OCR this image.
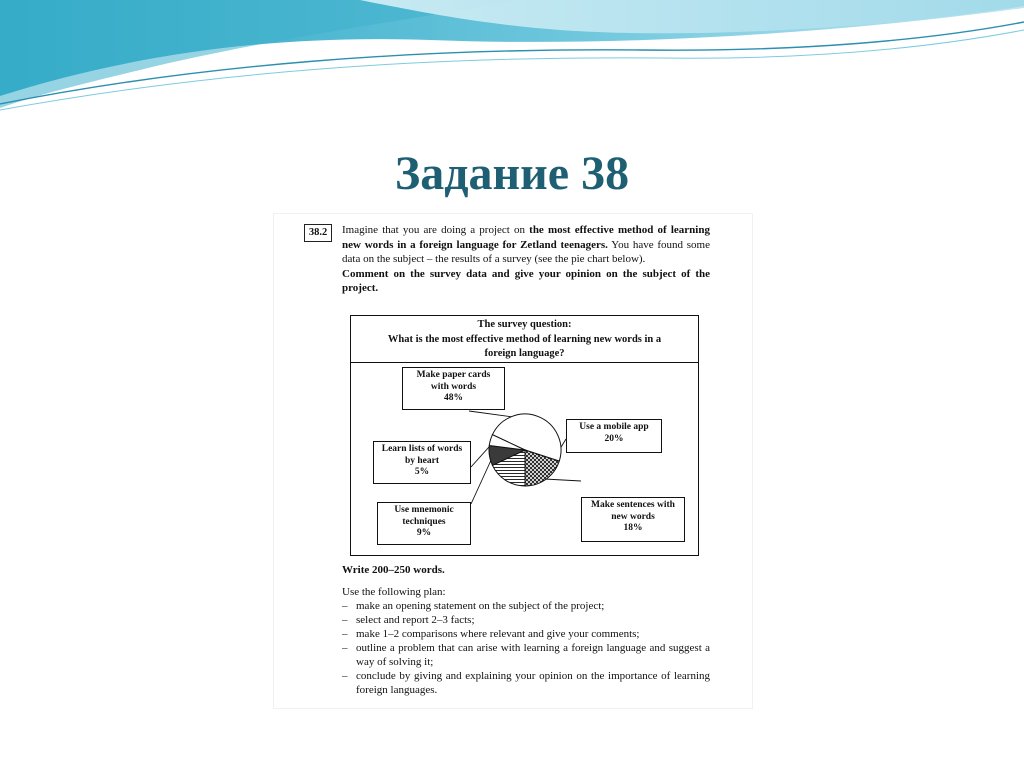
Задание 38
38.2	Imagine that you are doing a project on the most effective method of learning new words in a foreign language for Zetland teenagers. You have found some data on the subject – the results of a survey (see the pie chart below).
Comment on the survey data and give your opinion on the subject of the project.

The survey question:
What is the most effective method of learning new words in a
foreign language?
Make paper cards
with words
48%
Use a mobile app
20%
Learn lists of words
by heart
5%
Use mnemonic
techniques
9%
Make sentences with
new words
18%

Write 200–250 words.

Use the following plan:

– make an opening statement on the subject of the project;
– select and report 2–3 facts;
– make 1–2 comparisons where relevant and give your comments;
– outline a problem that can arise with learning a foreign language and suggest a way of solving it;
– conclude by giving and explaining your opinion on the importance of learning foreign languages.
